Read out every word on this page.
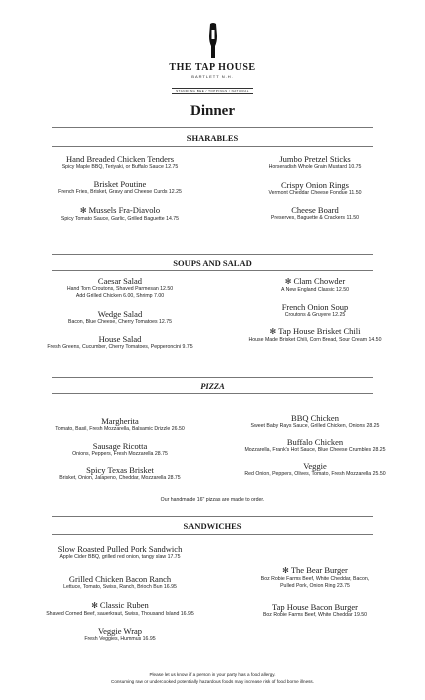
THE TAP HOUSE
BARTLETT N.H.
STANDING BEE / TOPPINGS / NATURAL
Dinner
SHARABLES
Hand Breaded Chicken Tenders
Spicy Maple BBQ, Teriyaki, or Buffalo Sauce 12.75
Brisket Poutine
French Fries, Brisket, Gravy and Cheese Curds 12.25
✻ Mussels Fra-Diavolo
Spicy Tomato Sauce, Garlic, Grilled Baguette 14.75
Jumbo Pretzel Sticks
Horseradish Whole Grain Mustard 10.75
Crispy Onion Rings
Vermont Cheddar Cheese Fondue 11.50
Cheese Board
Preserves, Baguette & Crackers 11.50
SOUPS AND SALAD
Caesar Salad
Hand Torn Croutons, Shaved Parmesan 12.50
Add Grilled Chicken 6.00, Shrimp 7.00
Wedge Salad
Bacon, Blue Cheese, Cherry Tomatoes 12.75
House Salad
Fresh Greens, Cucumber, Cherry Tomatoes, Pepperoncini 9.75
✻ Clam Chowder
A New England Classic 12.50
French Onion Soup
Croutons & Gruyere 12.25
✻ Tap House Brisket Chili
House Made Brisket Chili, Corn Bread, Sour Cream 14.50
PIZZA
Margherita
Tomato, Basil, Fresh Mozzarella, Balsamic Drizzle 26.50
Sausage Ricotta
Onions, Peppers, Fresh Mozzarella 28.75
Spicy Texas Brisket
Brisket, Onion, Jalapeno, Cheddar, Mozzarella 28.75
BBQ Chicken
Sweet Baby Rays Sauce, Grilled Chicken, Onions 28.25
Buffalo Chicken
Mozzarella, Frank's Hot Sauce, Blue Cheese Crumbles 28.25
Veggie
Red Onion, Peppers, Olives, Tomato, Fresh Mozzarella 25.50
Our handmade 16" pizzas are made to order.
SANDWICHES
Slow Roasted Pulled Pork Sandwich
Apple Cider BBQ, grilled red onion, tangy slaw 17.75
Grilled Chicken Bacon Ranch
Lettuce, Tomato, Swiss, Ranch, Brioch Bun 16.95
✻ Classic Ruben
Shaved Corned Beef, sauerkraut, Swiss, Thousand Island 16.95
Veggie Wrap
Fresh Veggies, Hummus 16.95
✻ The Bear Burger
Boz Robie Farms Beef, White Cheddar, Bacon,
Pulled Pork, Onion Ring 23.75
Tap House Bacon Burger
Boz Robie Farms Beef, White Cheddar 19.50
Please let us know if a person in your party has a food allergy.
Consuming raw or undercooked potentially hazardous foods may increase risk of food borne illness.
